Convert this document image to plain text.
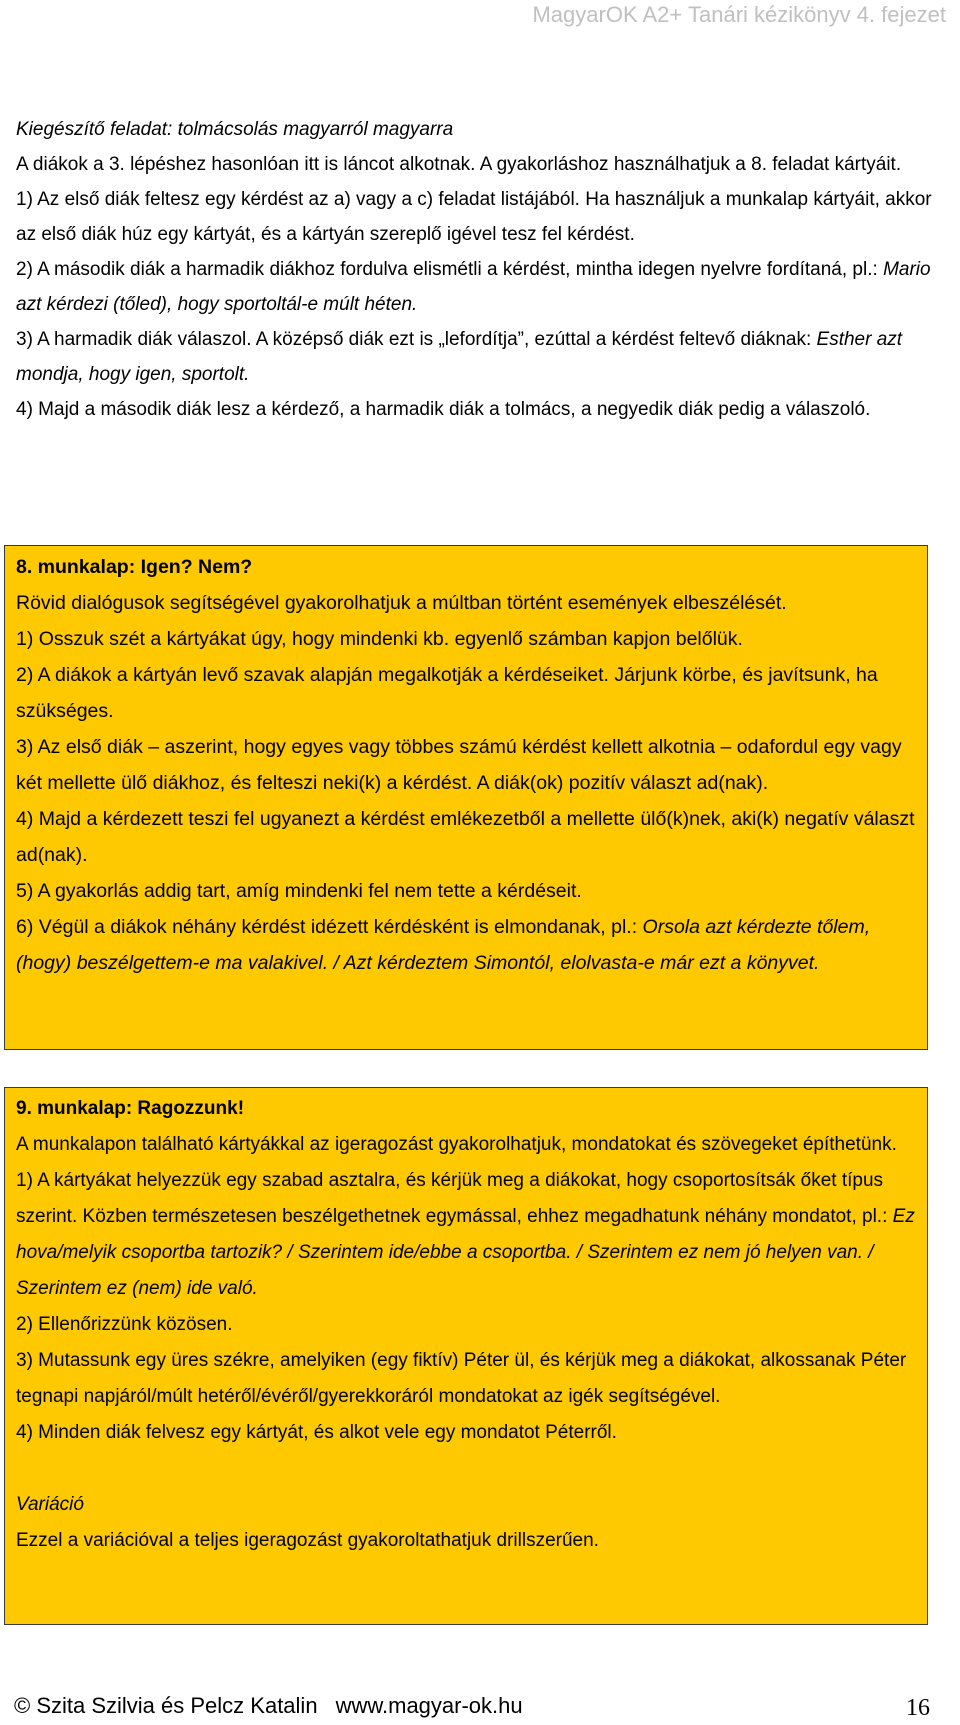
MagyarOK A2+ Tanári kézikönyv 4. fejezet

Kiegészítő feladat: tolmácsolás magyarról magyarra

A diákok a 3. lépéshez hasonlóan itt is láncot alkotnak. A gyakorláshoz használhatjuk a 8. feladat kártyáit.

1) Az első diák feltesz egy kérdést az a) vagy a c) feladat listájából. Ha használjuk a munkalap kártyáit, akkor az első diák húz egy kártyát, és a kártyán szereplő igével tesz fel kérdést.

2) A második diák a harmadik diákhoz fordulva elismétli a kérdést, mintha idegen nyelvre fordítaná, pl.: Mario azt kérdezi (tőled), hogy sportoltál-e múlt héten.

3) A harmadik diák válaszol. A középső diák ezt is „lefordítja”, ezúttal a kérdést feltevő diáknak: Esther azt mondja, hogy igen, sportolt.

4) Majd a második diák lesz a kérdező, a harmadik diák a tolmács, a negyedik diák pedig a válaszoló.

8. munkalap: Igen? Nem?

Rövid dialógusok segítségével gyakorolhatjuk a múltban történt események elbeszélését.

1) Osszuk szét a kártyákat úgy, hogy mindenki kb. egyenlő számban kapjon belőlük.

2) A diákok a kártyán levő szavak alapján megalkotják a kérdéseiket. Járjunk körbe, és javítsunk, ha szükséges.

3) Az első diák – aszerint, hogy egyes vagy többes számú kérdést kellett alkotnia – odafordul egy vagy két mellette ülő diákhoz, és felteszi neki(k) a kérdést. A diák(ok) pozitív választ ad(nak).

4) Majd a kérdezett teszi fel ugyanezt a kérdést emlékezetből a mellette ülő(k)nek, aki(k) negatív választ ad(nak).

5) A gyakorlás addig tart, amíg mindenki fel nem tette a kérdéseit.

6) Végül a diákok néhány kérdést idézett kérdésként is elmondanak, pl.: Orsola azt kérdezte tőlem, (hogy) beszélgettem-e ma valakivel. / Azt kérdeztem Simontól, elolvasta-e már ezt a könyvet.

9. munkalap: Ragozzunk!

A munkalapon található kártyákkal az igeragozást gyakorolhatjuk, mondatokat és szövegeket építhetünk.

1) A kártyákat helyezzük egy szabad asztalra, és kérjük meg a diákokat, hogy csoportosítsák őket típus szerint. Közben természetesen beszélgethetnek egymással, ehhez megadhatunk néhány mondatot, pl.: Ez hova/melyik csoportba tartozik? / Szerintem ide/ebbe a csoportba. / Szerintem ez nem jó helyen van. / Szerintem ez (nem) ide való.

2) Ellenőrizzünk közösen.

3) Mutassunk egy üres székre, amelyiken (egy fiktív) Péter ül, és kérjük meg a diákokat, alkossanak Péter tegnapi napjáról/múlt hetéről/évéről/gyerekkoráról mondatokat az igék segítségével.

4) Minden diák felvesz egy kártyát, és alkot vele egy mondatot Péterről.

Variáció

Ezzel a variációval a teljes igeragozást gyakoroltathatjuk drillszerűen.

© Szita Szilvia és Pelcz Katalin www.magyar-ok.hu	16
